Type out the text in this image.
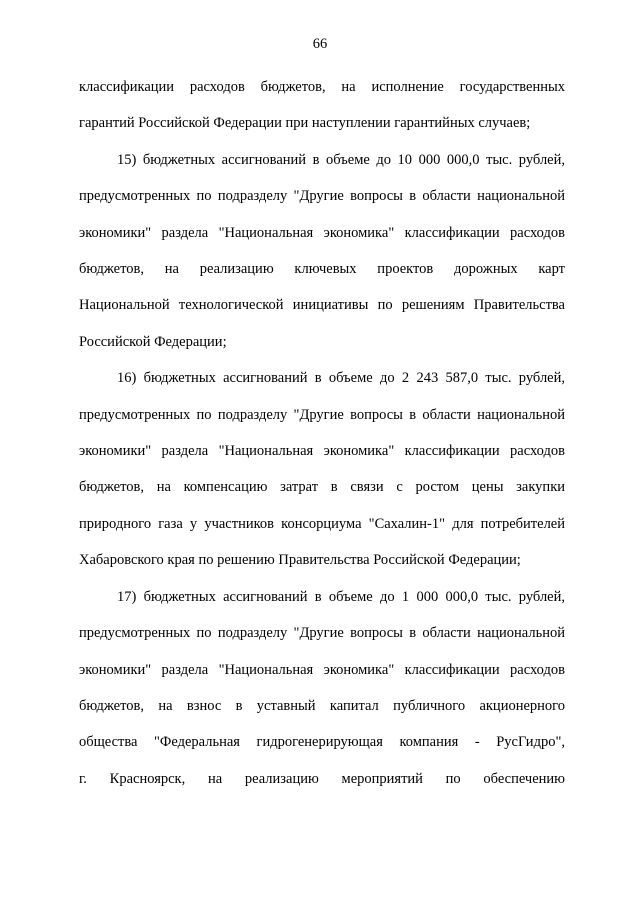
66

классификации расходов бюджетов, на исполнение государственных

гарантий Российской Федерации при наступлении гарантийных случаев;

15) бюджетных ассигнований в объеме до 10 000 000,0 тыс. рублей,

предусмотренных по подразделу "Другие вопросы в области национальной

экономики" раздела "Национальная экономика" классификации расходов

бюджетов, на реализацию ключевых проектов дорожных карт

Национальной технологической инициативы по решениям Правительства

Российской Федерации;

16) бюджетных ассигнований в объеме до 2 243 587,0 тыс. рублей,

предусмотренных по подразделу "Другие вопросы в области национальной

экономики" раздела "Национальная экономика" классификации расходов

бюджетов, на компенсацию затрат в связи с ростом цены закупки

природного газа у участников консорциума "Сахалин-1" для потребителей

Хабаровского края по решению Правительства Российской Федерации;

17) бюджетных ассигнований в объеме до 1 000 000,0 тыс. рублей,

предусмотренных по подразделу "Другие вопросы в области национальной

экономики" раздела "Национальная экономика" классификации расходов

бюджетов, на взнос в уставный капитал публичного акционерного

общества "Федеральная гидрогенерирующая компания - РусГидро",

г. Красноярск, на реализацию мероприятий по обеспечению
